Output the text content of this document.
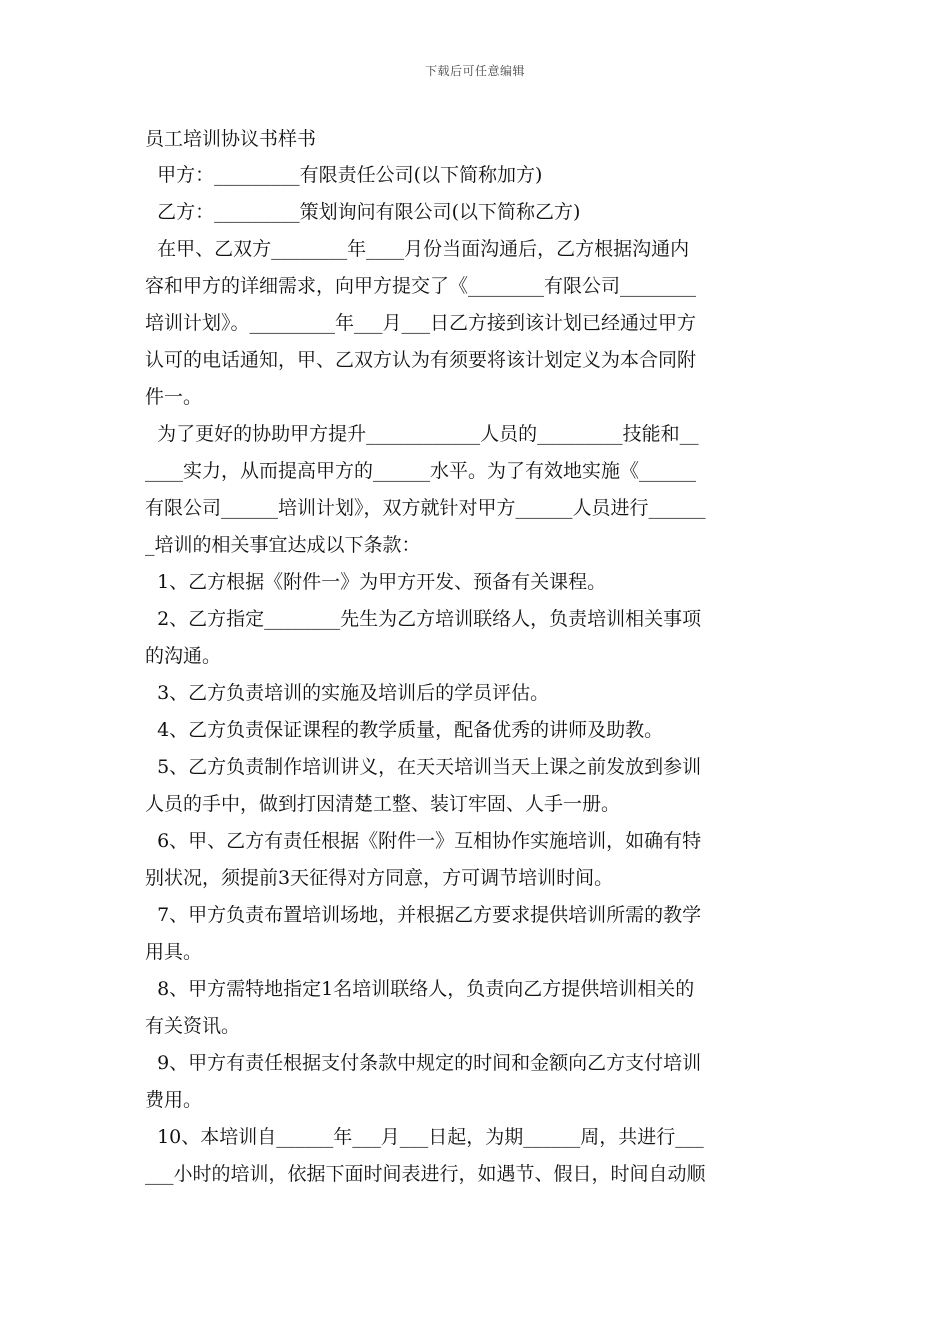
下载后可任意编辑
员工培训协议书样书
甲方：_________有限责任公司(以下简称加方)
乙方：_________策划询问有限公司(以下简称乙方)
在甲、乙双方________年____月份当面沟通后，乙方根据沟通内
容和甲方的详细需求，向甲方提交了《________有限公司________
培训计划》。_________年___月___日乙方接到该计划已经通过甲方
认可的电话通知，甲、乙双方认为有须要将该计划定义为本合同附
件一。
为了更好的协助甲方提升____________人员的_________技能和__
____实力，从而提高甲方的______水平。为了有效地实施《______
有限公司______培训计划》，双方就针对甲方______人员进行______
_培训的相关事宜达成以下条款：
1、乙方根据《附件一》为甲方开发、预备有关课程。
2、乙方指定________先生为乙方培训联络人，负责培训相关事项
的沟通。
3、乙方负责培训的实施及培训后的学员评估。
4、乙方负责保证课程的教学质量，配备优秀的讲师及助教。
5、乙方负责制作培训讲义，在天天培训当天上课之前发放到参训
人员的手中，做到打因清楚工整、装订牢固、人手一册。
6、甲、乙方有责任根据《附件一》互相协作实施培训，如确有特
别状况，须提前3天征得对方同意，方可调节培训时间。
7、甲方负责布置培训场地，并根据乙方要求提供培训所需的教学
用具。
8、甲方需特地指定1名培训联络人，负责向乙方提供培训相关的
有关资讯。
9、甲方有责任根据支付条款中规定的时间和金额向乙方支付培训
费用。
10、本培训自______年___月___日起，为期______周，共进行___
___小时的培训，依据下面时间表进行，如遇节、假日，时间自动顺
